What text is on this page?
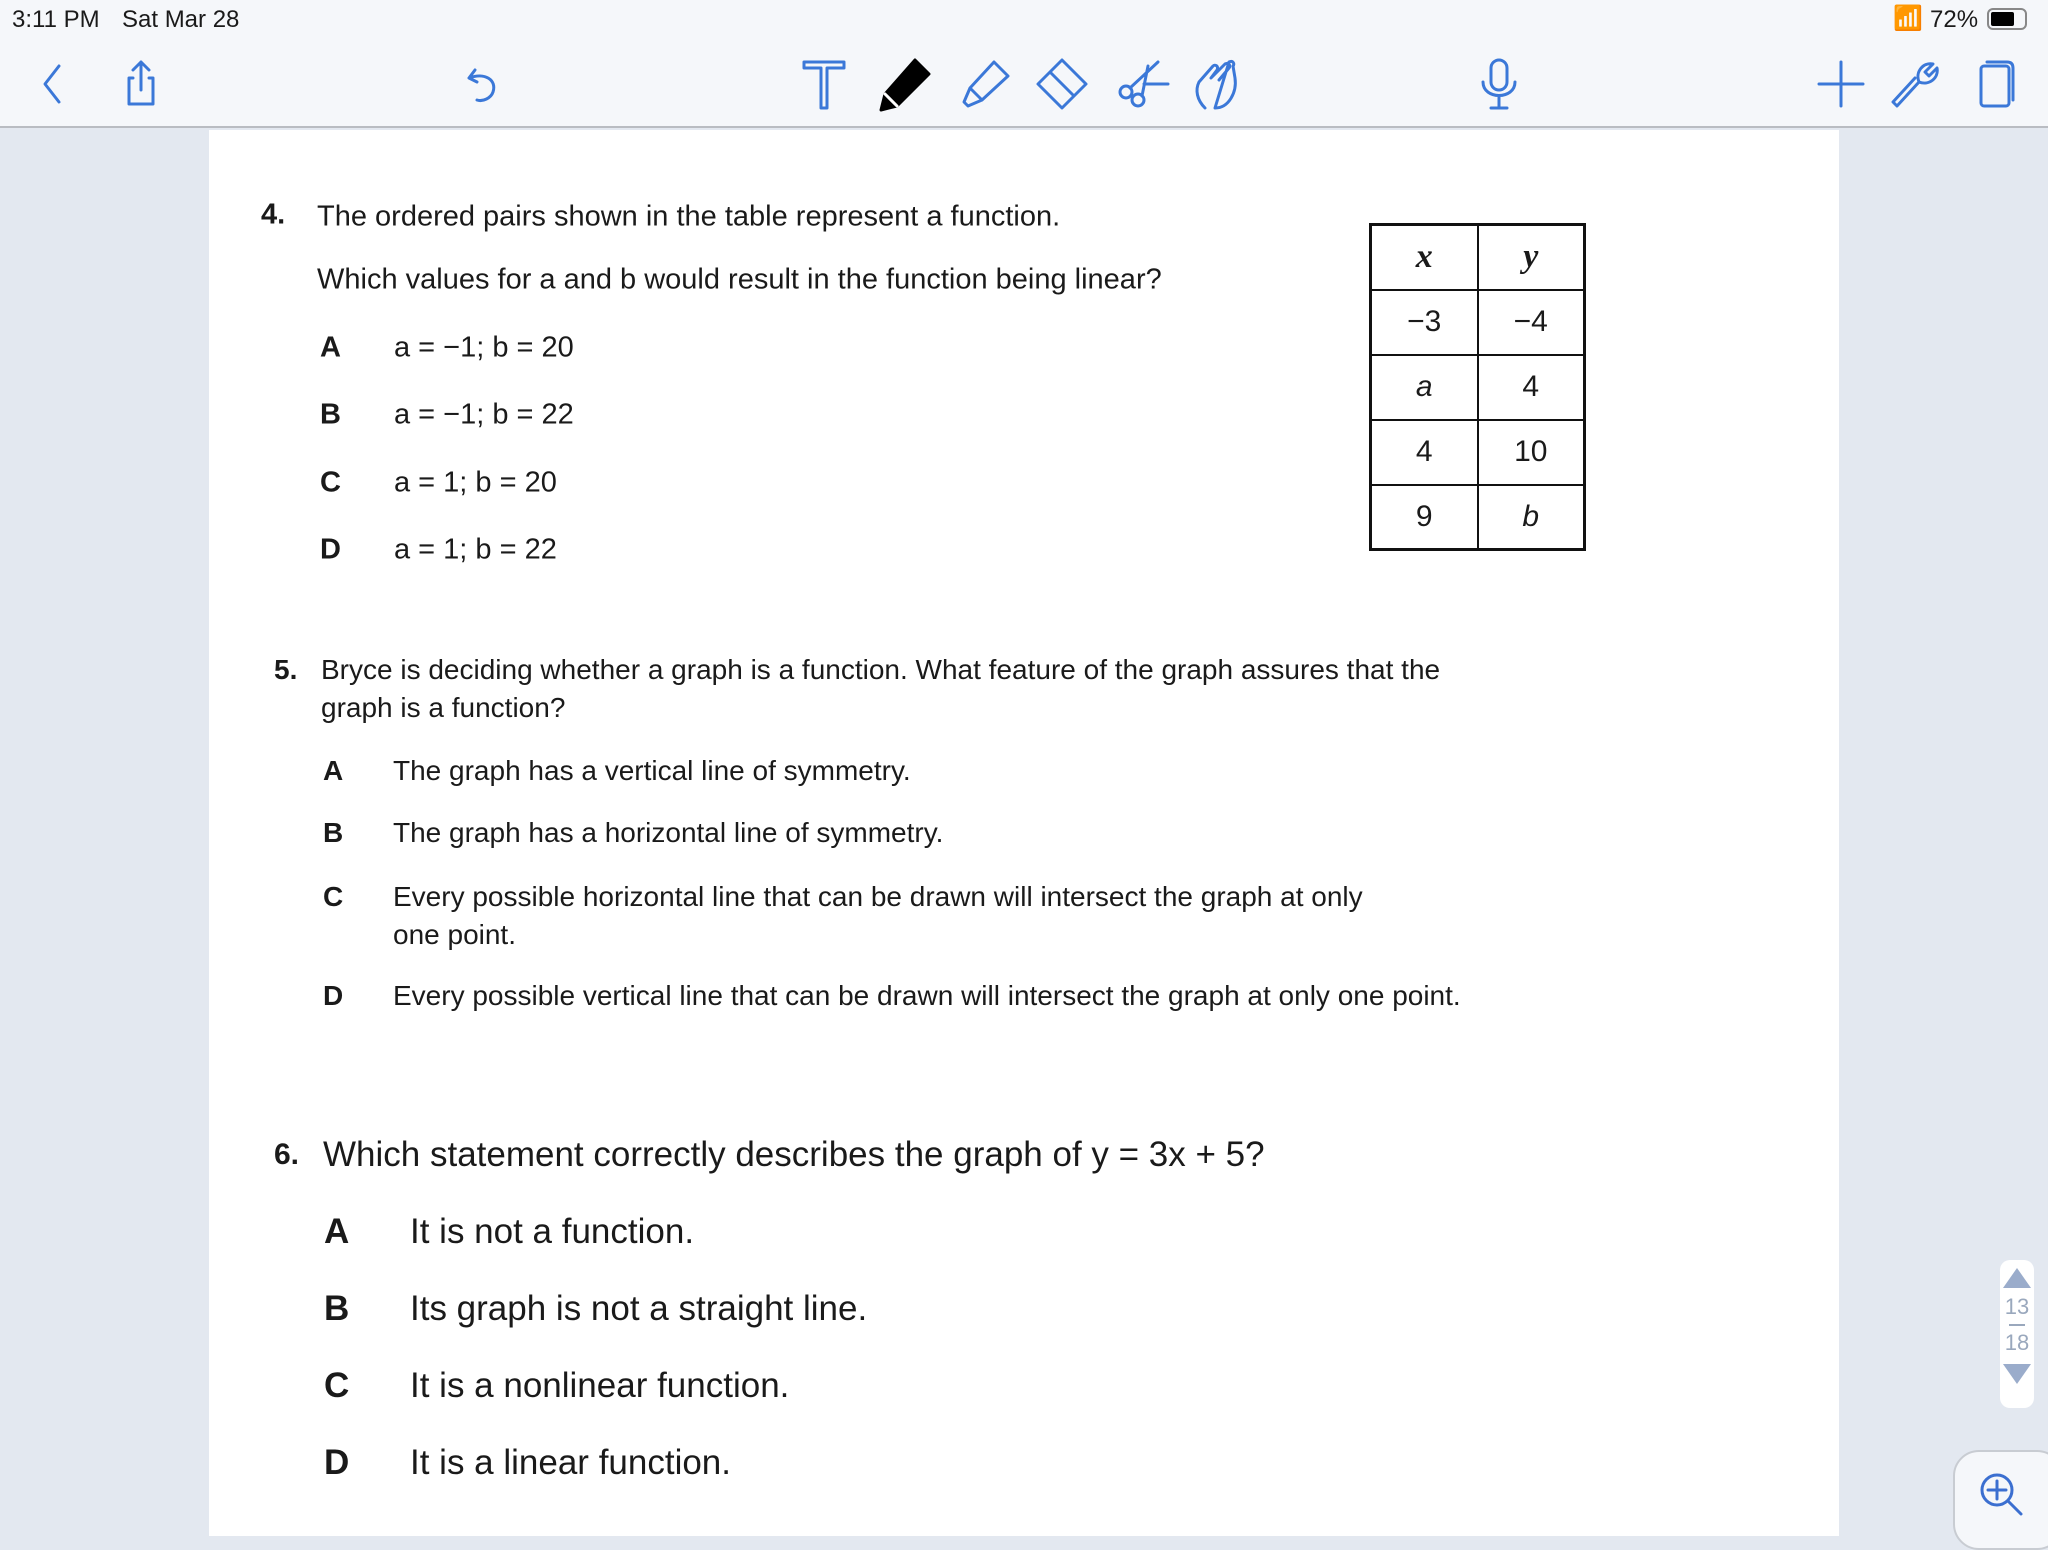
3:11 PM Sat Mar 28	📶 72%
4. The ordered pairs shown in the table represent a function.
Which values for a and b would result in the function being linear?
A a = −1; b = 20
B a = −1; b = 22
C a = 1; b = 20
D a = 1; b = 22
x	y
−3	−4
a	4
4	10
9	b
5. Bryce is deciding whether a graph is a function. What feature of the graph assures that the
graph is a function?
A The graph has a vertical line of symmetry.
B The graph has a horizontal line of symmetry.
C Every possible horizontal line that can be drawn will intersect the graph at only
one point.
D Every possible vertical line that can be drawn will intersect the graph at only one point.
6. Which statement correctly describes the graph of y = 3x + 5?
A It is not a function.
B Its graph is not a straight line.
C It is a nonlinear function.
D It is a linear function.
13
18
